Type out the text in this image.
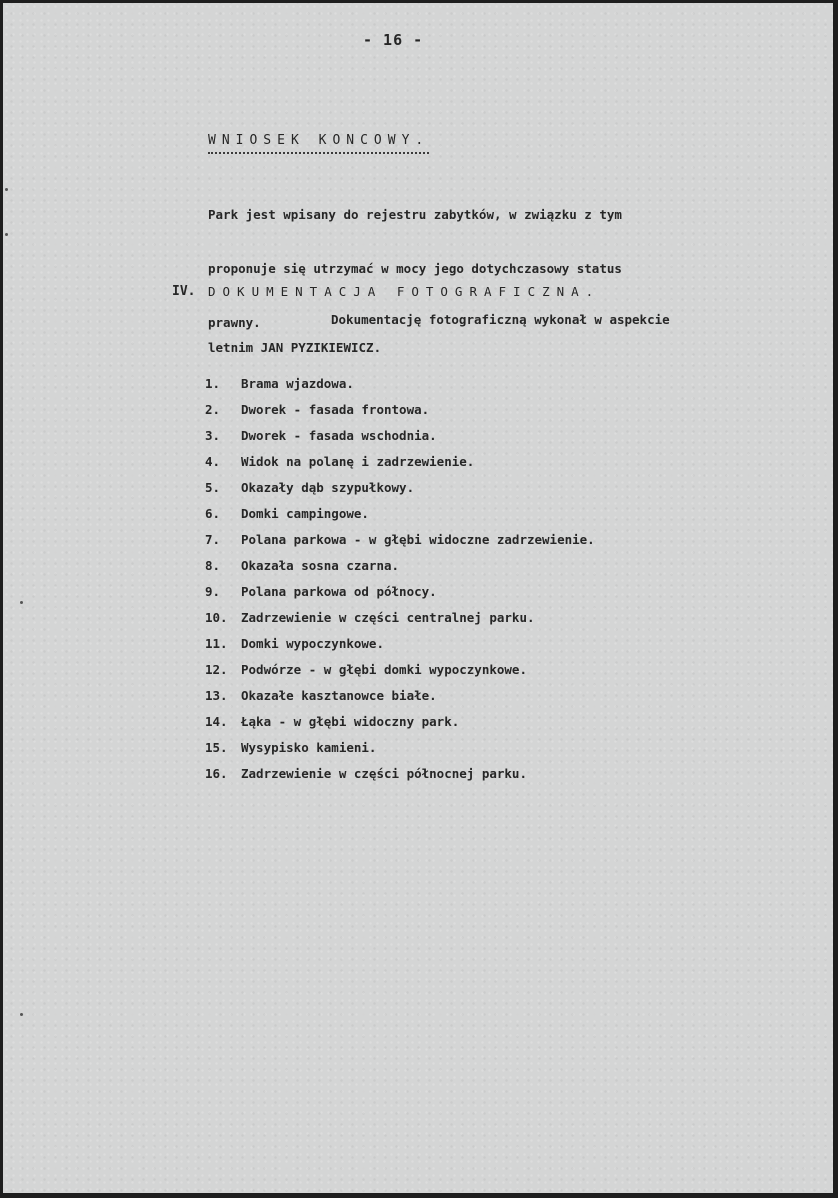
- 16 -
WNIOSEK KONCOWY.

Park jest wpisany do rejestru zabytków, w związku z tym

proponuje się utrzymać w mocy jego dotychczasowy status

prawny.

IV. DOKUMENTACJA FOTOGRAFICZNA.
Dokumentację fotograficzną wykonał w aspekcie
letnim JAN PYZIKIEWICZ.
1.	Brama wjazdowa.
2.	Dworek - fasada frontowa.
3.	Dworek - fasada wschodnia.
4.	Widok na polanę i zadrzewienie.
5.	Okazały dąb szypułkowy.
6.	Domki campingowe.
7.	Polana parkowa - w głębi widoczne zadrzewienie.
8.	Okazała sosna czarna.
9.	Polana parkowa od północy.
10.	Zadrzewienie w części centralnej parku.
11.	Domki wypoczynkowe.
12.	Podwórze - w głębi domki wypoczynkowe.
13.	Okazałe kasztanowce białe.
14.	Łąka - w głębi widoczny park.
15.	Wysypisko kamieni.
16.	Zadrzewienie w części północnej parku.
